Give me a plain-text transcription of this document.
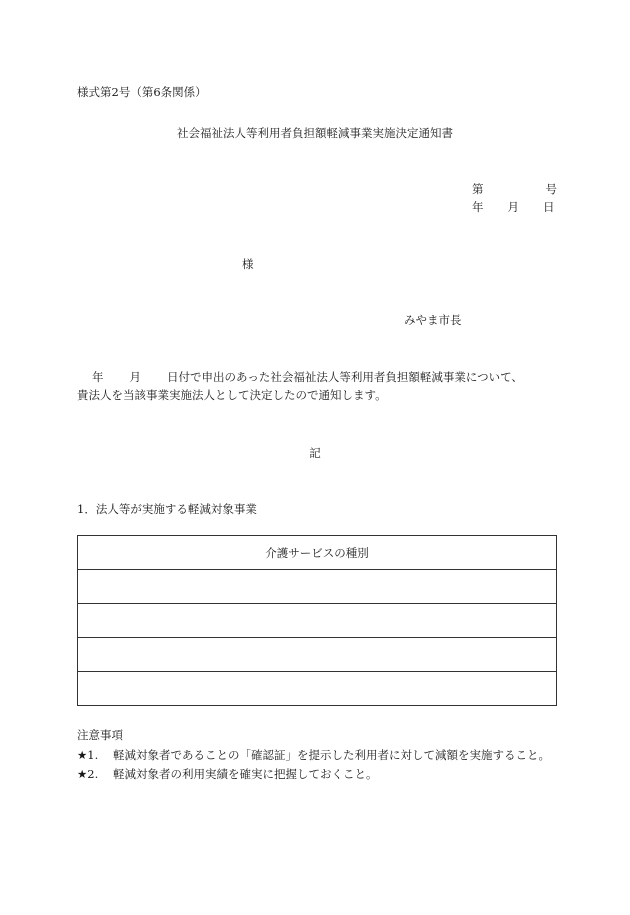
様式第2号（第6条関係）
社会福祉法人等利用者負担額軽減事業実施決定通知書
第	号
年 月 日
様
みやま市長
年 月 日付で申出のあった社会福祉法人等利用者負担額軽減事業について、
貴法人を当該事業実施法人として決定したので通知します。
記
1．法人等が実施する軽減対象事業
介護サービスの種別

注意事項
★1. 軽減対象者であることの「確認証」を提示した利用者に対して減額を実施すること。
★2. 軽減対象者の利用実績を確実に把握しておくこと。
